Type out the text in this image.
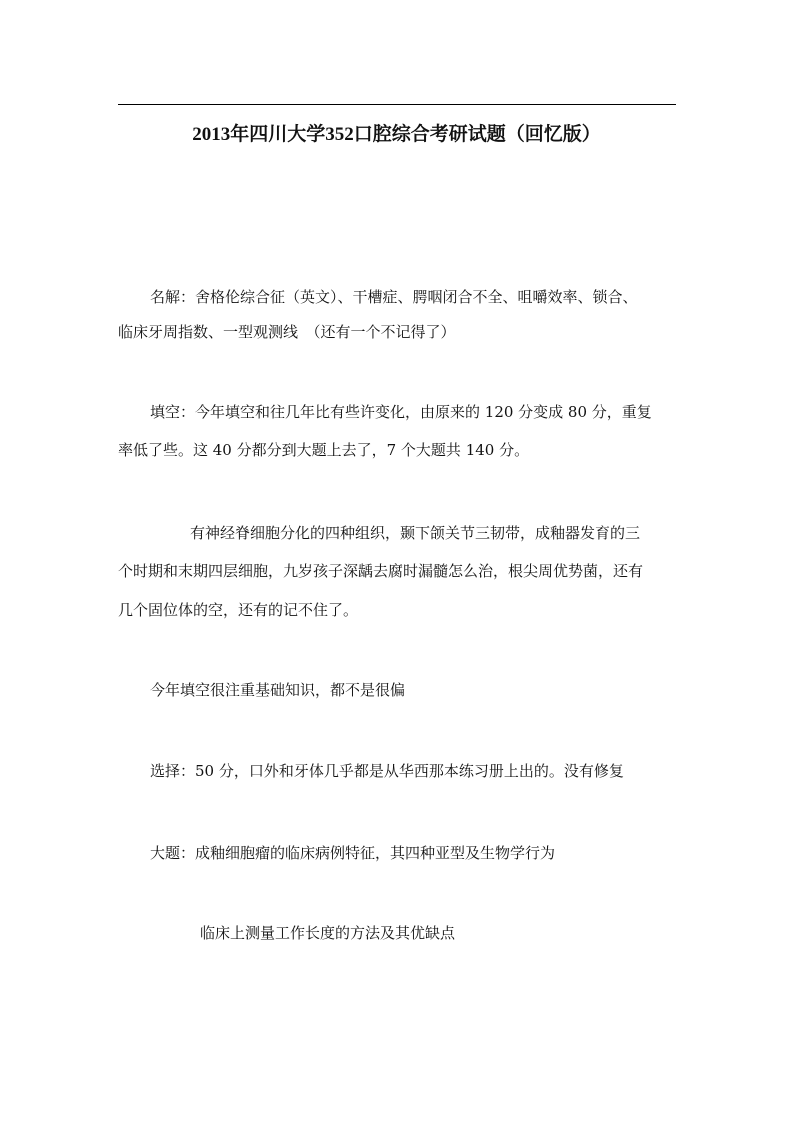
2013年四川大学352口腔综合考研试题（回忆版）
名解：舍格伦综合征（英文）、干槽症、腭咽闭合不全、咀嚼效率、锁合、
临床牙周指数、一型观测线　（还有一个不记得了）
填空：今年填空和往几年比有些许变化，由原来的 120 分变成 80 分，重复
率低了些。这 40 分都分到大题上去了，7 个大题共 140 分。
有神经脊细胞分化的四种组织，颞下颌关节三韧带，成釉器发育的三
个时期和末期四层细胞，九岁孩子深龋去腐时漏髓怎么治，根尖周优势菌，还有
几个固位体的空，还有的记不住了。
今年填空很注重基础知识，都不是很偏
选择：50 分，口外和牙体几乎都是从华西那本练习册上出的。没有修复
大题：成釉细胞瘤的临床病例特征，其四种亚型及生物学行为
临床上测量工作长度的方法及其优缺点
